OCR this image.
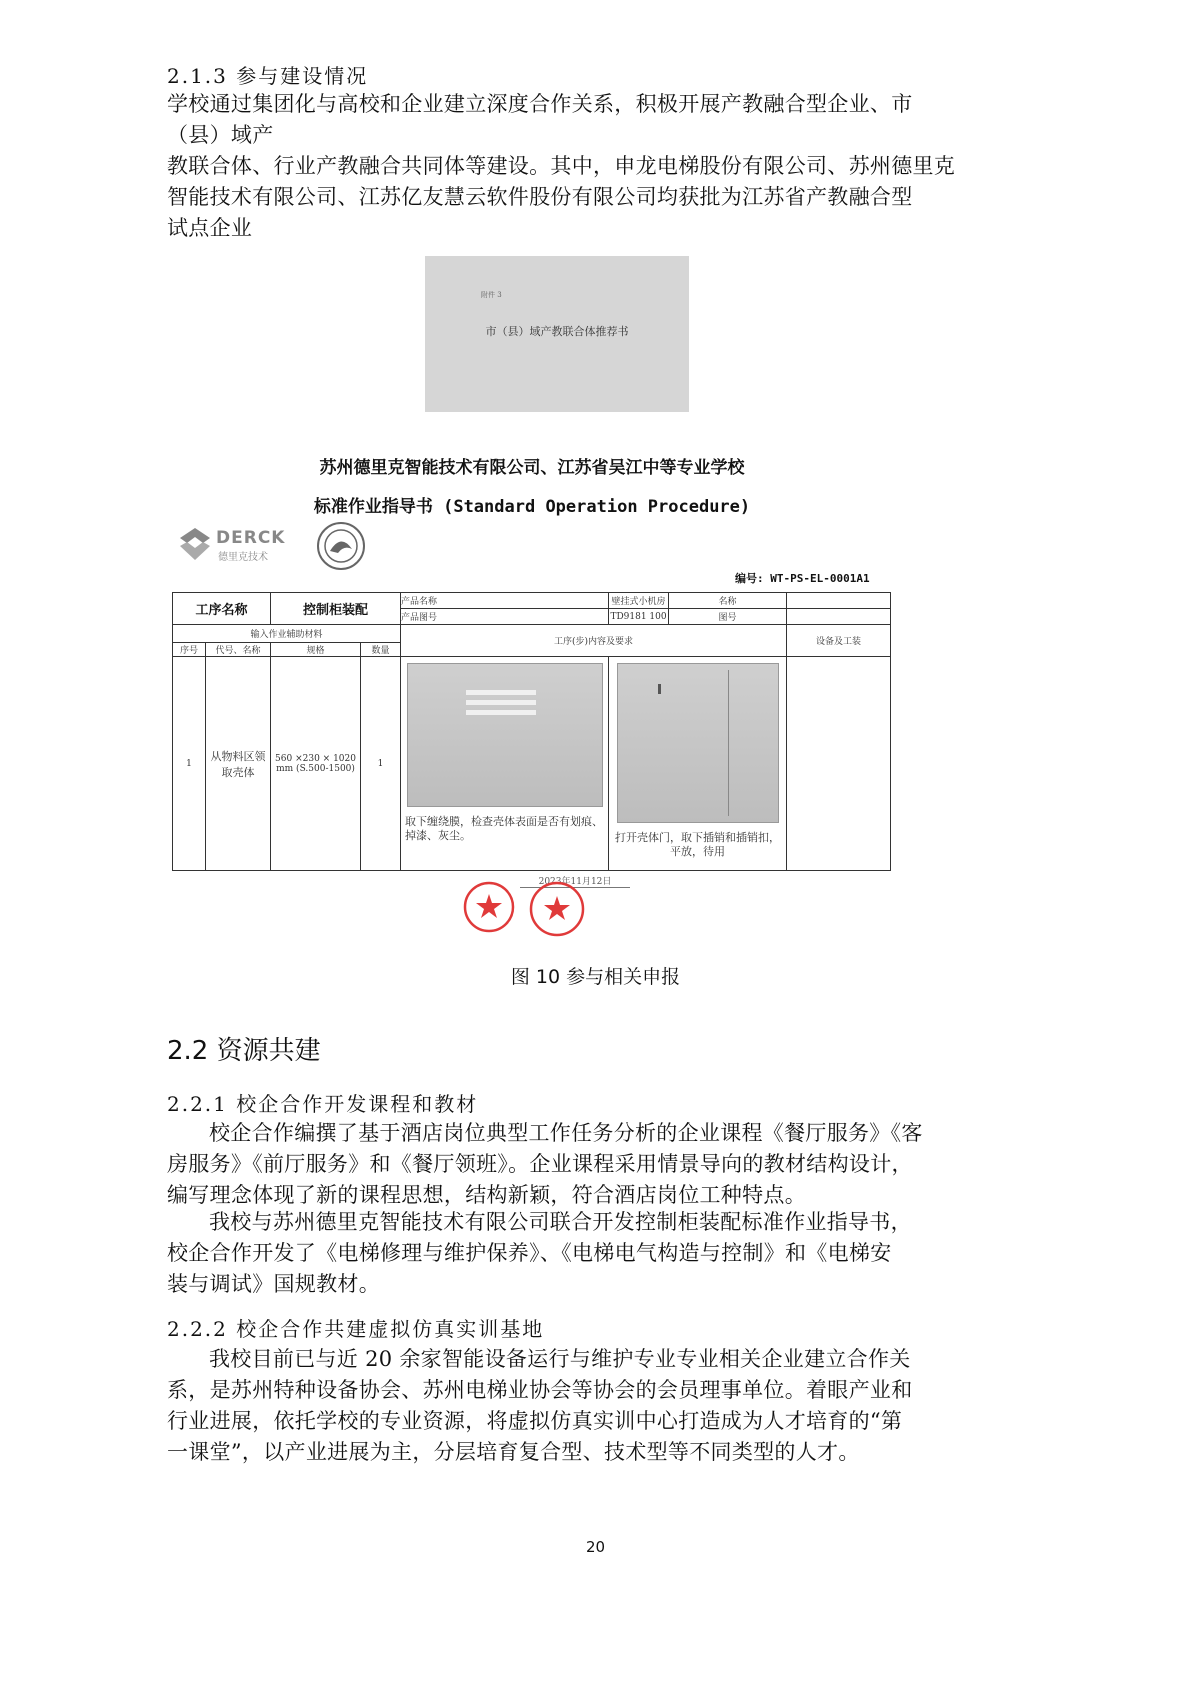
2.1.3 参与建设情况
学校通过集团化与高校和企业建立深度合作关系，积极开展产教融合型企业、市（县）域产
教联合体、行业产教融合共同体等建设。其中，申龙电梯股份有限公司、苏州德里克
智能技术有限公司、江苏亿友慧云软件股份有限公司均获批为江苏省产教融合型
试点企业
附件 3
市（县）域产教联合体推荐书
苏州德里克智能技术有限公司、江苏省吴江中等专业学校
标准作业指导书 (Standard Operation Procedure)
DERCK
德里克技术
编号: WT-PS-EL-0001A1
工序名称		控制柜装配		产品名称	壁挂式小机房	名称	
				产品图号	TD9181 100	图号	
输入作业辅助材料				工序(步)内容及要求			设备及工装
序号	代号、名称	规格	数量				
1	从物料区领取壳体	560 ×230 × 1020 mm (S.500-1500)	1	取下缠绕膜，检查壳体表面是否有划痕、掉漆、灰尘。	打开壳体门，取下插销和插销扣，平放，待用		

2023年11月12日
图 10 参与相关申报
2.2 资源共建
2.2.1 校企合作开发课程和教材
校企合作编撰了基于酒店岗位典型工作任务分析的企业课程《餐厅服务》《客
房服务》《前厅服务》和《餐厅领班》。企业课程采用情景导向的教材结构设计，
编写理念体现了新的课程思想，结构新颖，符合酒店岗位工种特点。
我校与苏州德里克智能技术有限公司联合开发控制柜装配标准作业指导书，
校企合作开发了《电梯修理与维护保养》、《电梯电气构造与控制》和《电梯安
装与调试》国规教材。
2.2.2 校企合作共建虚拟仿真实训基地
我校目前已与近 20 余家智能设备运行与维护专业专业相关企业建立合作关
系，是苏州特种设备协会、苏州电梯业协会等协会的会员理事单位。着眼产业和
行业进展，依托学校的专业资源，将虚拟仿真实训中心打造成为人才培育的“第
一课堂”，以产业进展为主，分层培育复合型、技术型等不同类型的人才。
20
